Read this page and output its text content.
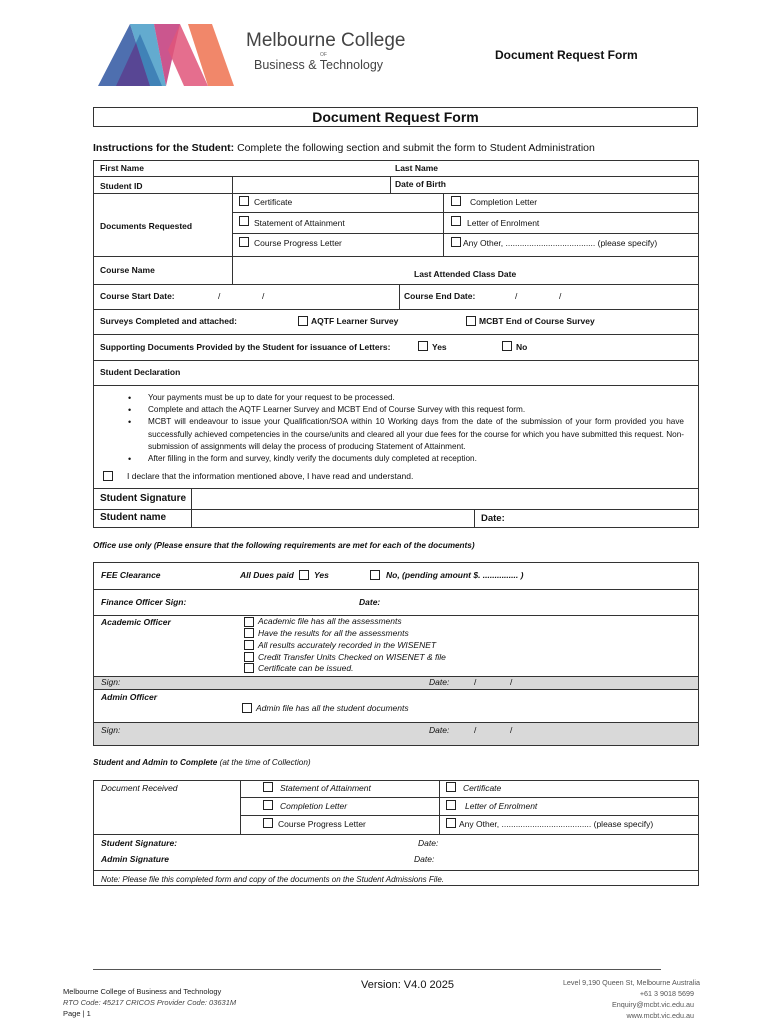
Melbourne College
OF
Business & Technology
Document Request Form
Document Request Form
Instructions for the Student: Complete the following section and submit the form to Student Administration
First Name	Last Name
Student ID	Date of Birth
Documents Requested
Certificate	Completion Letter
Statement of Attainment	Letter of Enrolment
Course Progress Letter	Any Other, ...................................... (please specify)
Course Name	Last Attended Class Date
Course Start Date:	/	/	Course End Date:	/	/
Surveys Completed and attached:	AQTF Learner Survey	MCBT End of Course Survey
Supporting Documents Provided by the Student for issuance of Letters:	Yes	No
Student Declaration
• Your payments must be up to date for your request to be processed.
• Complete and attach the AQTF Learner Survey and MCBT End of Course Survey with this request form.
• MCBT will endeavour to issue your Qualification/SOA within 10 Working days from the date of the submission of your form provided you have successfully achieved competencies in the course/units and cleared all your due fees for the course for which you have submitted this request. Non-submission of assignments will delay the process of producing Statement of Attainment.
• After filling in the form and survey, kindly verify the documents duly completed at reception.
I declare that the information mentioned above, I have read and understand.
Student Signature
Student name	Date:
Office use only (Please ensure that the following requirements are met for each of the documents)
FEE Clearance	All Dues paid Yes	No, (pending amount $. ............... )
Finance Officer Sign:	Date:
Academic Officer	Academic file has all the assessments
Have the results for all the assessments
All results accurately recorded in the WISENET
Credit Transfer Units Checked on WISENET & file
Certificate can be issued.
Sign:	Date:	/	/
Admin Officer
Admin file has all the student documents
Sign:	Date:	/	/
Student and Admin to Complete (at the time of Collection)
Document Received	Statement of Attainment	Certificate
Completion Letter	Letter of Enrolment
Course Progress Letter	Any Other, ...................................... (please specify)
Student Signature:	Date:
Admin Signature	Date:
Note: Please file this completed form and copy of the documents on the Student Admissions File.
Melbourne College of Business and Technology
RTO Code: 45217 CRICOS Provider Code: 03631M
Page | 1
Version: V4.0 2025	Level 9,190 Queen St, Melbourne Australia
+61 3 9018 5699
Enquiry@mcbt.vic.edu.au
www.mcbt.vic.edu.au
